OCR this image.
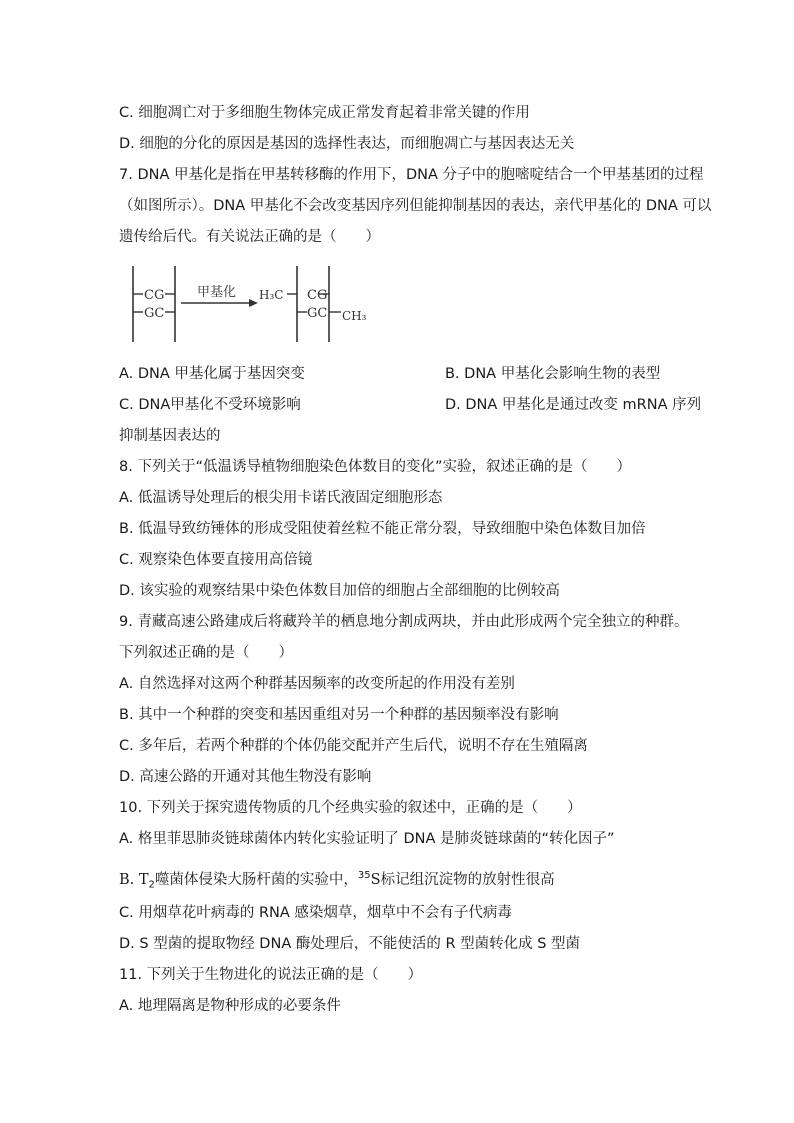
C. 细胞凋亡对于多细胞生物体完成正常发育起着非常关键的作用
D. 细胞的分化的原因是基因的选择性表达，而细胞凋亡与基因表达无关
7. DNA 甲基化是指在甲基转移酶的作用下，DNA 分子中的胞嘧啶结合一个甲基基团的过程
（如图所示）。DNA 甲基化不会改变基因序列但能抑制基因的表达，亲代甲基化的 DNA 可以
遗传给后代。有关说法正确的是（　　）
CG
GC
甲基化 H₃C CG
GC CH₃
A. DNA 甲基化属于基因突变	B. DNA 甲基化会影响生物的表型
C. DNA甲基化不受环境影响	D. DNA 甲基化是通过改变 mRNA 序列
抑制基因表达的
8. 下列关于“低温诱导植物细胞染色体数目的变化”实验，叙述正确的是（　　）
A. 低温诱导处理后的根尖用卡诺氏液固定细胞形态
B. 低温导致纺锤体的形成受阻使着丝粒不能正常分裂，导致细胞中染色体数目加倍
C. 观察染色体要直接用高倍镜
D. 该实验的观察结果中染色体数目加倍的细胞占全部细胞的比例较高
9. 青藏高速公路建成后将藏羚羊的栖息地分割成两块，并由此形成两个完全独立的种群。
下列叙述正确的是（　　）
A. 自然选择对这两个种群基因频率的改变所起的作用没有差别
B. 其中一个种群的突变和基因重组对另一个种群的基因频率没有影响
C. 多年后，若两个种群的个体仍能交配并产生后代，说明不存在生殖隔离
D. 高速公路的开通对其他生物没有影响
10. 下列关于探究遗传物质的几个经典实验的叙述中，正确的是（　　）
A. 格里菲思肺炎链球菌体内转化实验证明了 DNA 是肺炎链球菌的“转化因子”
B. $T_2$噬菌体侵染大肠杆菌的实验中，$^{35}$S标记组沉淀物的放射性很高
C. 用烟草花叶病毒的 RNA 感染烟草，烟草中不会有子代病毒
D. S 型菌的提取物经 DNA 酶处理后，不能使活的 R 型菌转化成 S 型菌
11. 下列关于生物进化的说法正确的是（　　）
A. 地理隔离是物种形成的必要条件
